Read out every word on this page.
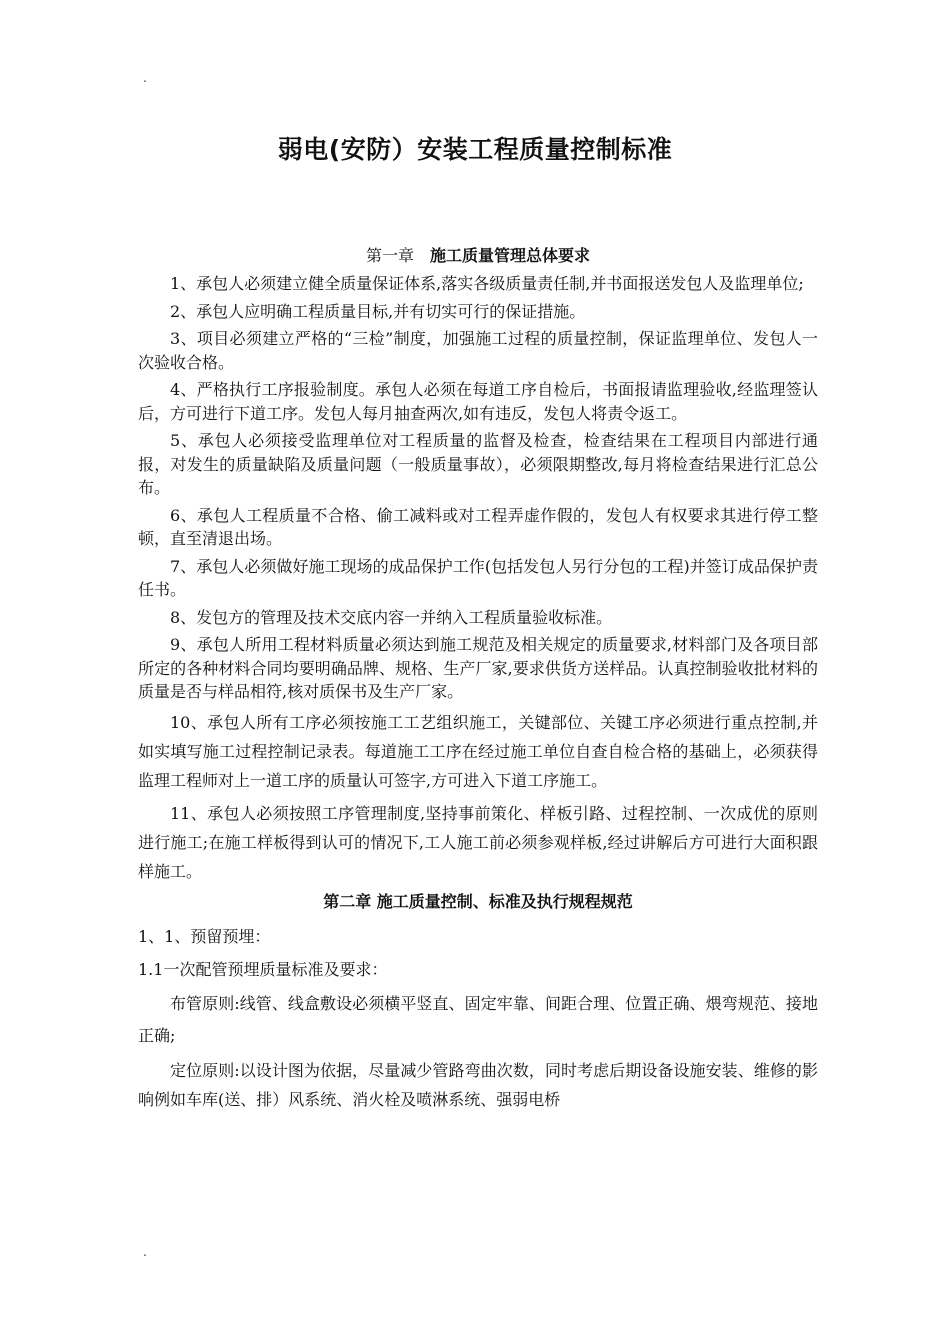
.
弱电(安防）安装工程质量控制标准
第一章 施工质量管理总体要求

1、承包人必须建立健全质量保证体系,落实各级质量责任制,并书面报送发包人及监理单位;

2、承包人应明确工程质量目标,并有切实可行的保证措施。

3、项目必须建立严格的“三检”制度，加强施工过程的质量控制，保证监理单位、发包人一次验收合格。

4、严格执行工序报验制度。承包人必须在每道工序自检后，书面报请监理验收,经监理签认后，方可进行下道工序。发包人每月抽查两次,如有违反，发包人将责令返工。

5、承包人必须接受监理单位对工程质量的监督及检查，检查结果在工程项目内部进行通报，对发生的质量缺陷及质量问题（一般质量事故），必须限期整改,每月将检查结果进行汇总公布。

6、承包人工程质量不合格、偷工减料或对工程弄虚作假的，发包人有权要求其进行停工整顿，直至清退出场。

7、承包人必须做好施工现场的成品保护工作(包括发包人另行分包的工程)并签订成品保护责任书。

8、发包方的管理及技术交底内容一并纳入工程质量验收标准。

9、承包人所用工程材料质量必须达到施工规范及相关规定的质量要求,材料部门及各项目部所定的各种材料合同均要明确品牌、规格、生产厂家,要求供货方送样品。认真控制验收批材料的质量是否与样品相符,核对质保书及生产厂家。

10、承包人所有工序必须按施工工艺组织施工，关键部位、关键工序必须进行重点控制,并如实填写施工过程控制记录表。每道施工工序在经过施工单位自查自检合格的基础上，必须获得监理工程师对上一道工序的质量认可签字,方可进入下道工序施工。

11、承包人必须按照工序管理制度,坚持事前策化、样板引路、过程控制、一次成优的原则进行施工;在施工样板得到认可的情况下,工人施工前必须参观样板,经过讲解后方可进行大面积跟样施工。

第二章 施工质量控制、标准及执行规程规范

1、1、预留预埋：

1.1一次配管预埋质量标准及要求：

布管原则:线管、线盒敷设必须横平竖直、固定牢靠、间距合理、位置正确、煨弯规范、接地正确;

定位原则:以设计图为依据，尽量减少管路弯曲次数，同时考虑后期设备设施安装、维修的影响例如车库(送、排）风系统、消火栓及喷淋系统、强弱电桥

.
